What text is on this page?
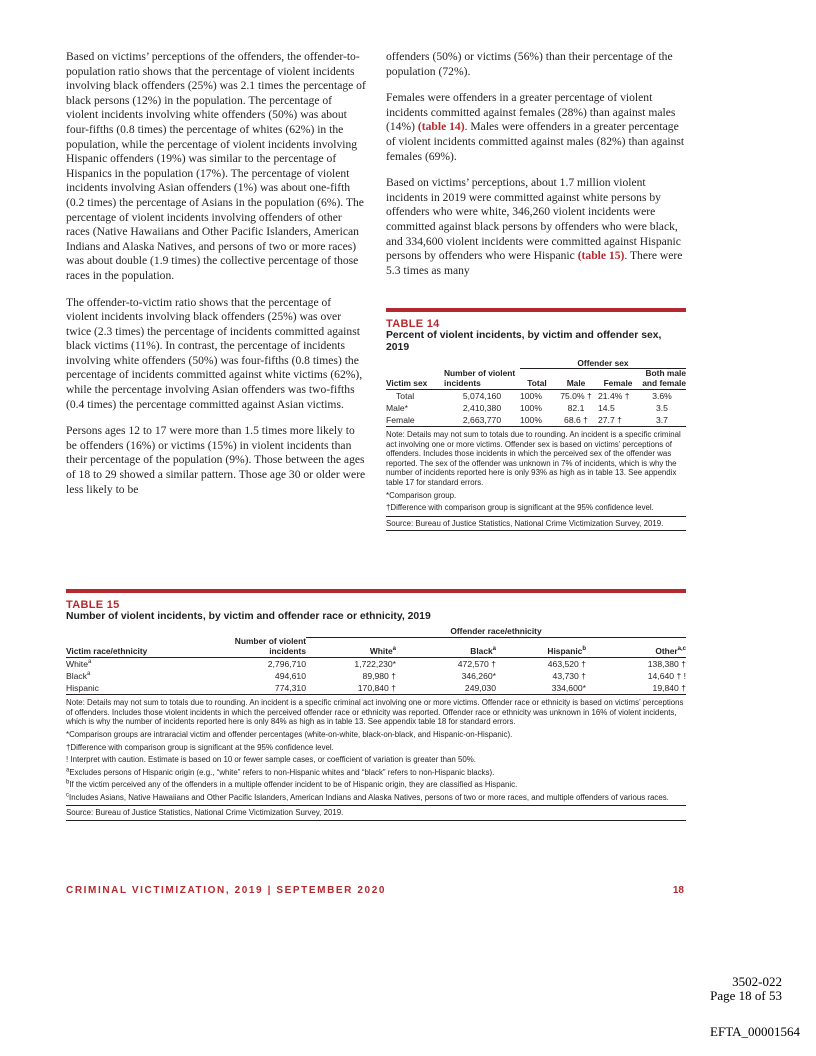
Based on victims’ perceptions of the offenders, the offender-to-population ratio shows that the percentage of violent incidents involving black offenders (25%) was 2.1 times the percentage of black persons (12%) in the population. The percentage of violent incidents involving white offenders (50%) was about four-fifths (0.8 times) the percentage of whites (62%) in the population, while the percentage of violent incidents involving Hispanic offenders (19%) was similar to the percentage of Hispanics in the population (17%). The percentage of violent incidents involving Asian offenders (1%) was about one-fifth (0.2 times) the percentage of Asians in the population (6%). The percentage of violent incidents involving offenders of other races (Native Hawaiians and Other Pacific Islanders, American Indians and Alaska Natives, and persons of two or more races) was about double (1.9 times) the collective percentage of those races in the population.

The offender-to-victim ratio shows that the percentage of violent incidents involving black offenders (25%) was over twice (2.3 times) the percentage of incidents committed against black victims (11%). In contrast, the percentage of incidents involving white offenders (50%) was four-fifths (0.8 times) the percentage of incidents committed against white victims (62%), while the percentage involving Asian offenders was two-fifths (0.4 times) the percentage committed against Asian victims.

Persons ages 12 to 17 were more than 1.5 times more likely to be offenders (16%) or victims (15%) in violent incidents than their percentage of the population (9%). Those between the ages of 18 to 29 showed a similar pattern. Those age 30 or older were less likely to be

offenders (50%) or victims (56%) than their percentage of the population (72%).

Females were offenders in a greater percentage of violent incidents committed against females (28%) than against males (14%) (table 14). Males were offenders in a greater percentage of violent incidents committed against males (82%) than against females (69%).

Based on victims’ perceptions, about 1.7 million violent incidents in 2019 were committed against white persons by offenders who were white, 346,260 violent incidents were committed against black persons by offenders who were black, and 334,600 violent incidents were committed against Hispanic persons by offenders who were Hispanic (table 15). There were 5.3 times as many

TABLE 14
Percent of violent incidents, by victim and offender sex, 2019
		Offender sex			
Victim sex	Number of violent incidents	Total	Male	Female	Both male and female
Total	5,074,160	100%	75.0% †	21.4% †	3.6%
Male*	2,410,380	100%	82.1	14.5	3.5
Female	2,663,770	100%	68.6 †	27.7 †	3.7

Note: Details may not sum to totals due to rounding. An incident is a specific criminal act involving one or more victims. Offender sex is based on victims’ perceptions of offenders. Includes those incidents in which the perceived sex of the offender was reported. The sex of the offender was unknown in 7% of incidents, which is why the number of incidents reported here is only 93% as high as in table 13. See appendix table 17 for standard errors.

*Comparison group.

†Difference with comparison group is significant at the 95% confidence level.

Source: Bureau of Justice Statistics, National Crime Victimization Survey, 2019.

TABLE 15
Number of violent incidents, by victim and offender race or ethnicity, 2019
		Offender race/ethnicity			
Victim race/ethnicity	Number of violent incidents	White$^a$	Black$^a$	Hispanic$^b$	Other$^{a,c}$
White$^a$	2,796,710	1,722,230*	472,570 †	463,520 †	138,380 †
Black$^a$	494,610	89,980 †	346,260*	43,730 †	14,640 † !
Hispanic	774,310	170,840 †	249,030	334,600*	19,840 †

Note: Details may not sum to totals due to rounding. An incident is a specific criminal act involving one or more victims. Offender race or ethnicity is based on victims’ perceptions of offenders. Includes those violent incidents in which the perceived offender race or ethnicity was reported. Offender race or ethnicity was unknown in 16% of violent incidents, which is why the number of incidents reported here is only 84% as high as in table 13. See appendix table 18 for standard errors.

*Comparison groups are intraracial victim and offender percentages (white-on-white, black-on-black, and Hispanic-on-Hispanic).

†Difference with comparison group is significant at the 95% confidence level.

! Interpret with caution. Estimate is based on 10 or fewer sample cases, or coefficient of variation is greater than 50%.

$^a$Excludes persons of Hispanic origin (e.g., “white” refers to non-Hispanic whites and “black” refers to non-Hispanic blacks).

$^b$If the victim perceived any of the offenders in a multiple offender incident to be of Hispanic origin, they are classified as Hispanic.

$^c$Includes Asians, Native Hawaiians and Other Pacific Islanders, American Indians and Alaska Natives, persons of two or more races, and multiple offenders of various races.

Source: Bureau of Justice Statistics, National Crime Victimization Survey, 2019.

CRIMINAL VICTIMIZATION, 2019 | SEPTEMBER 2020	18
3502-022
Page 18 of 53
EFTA_00001564
